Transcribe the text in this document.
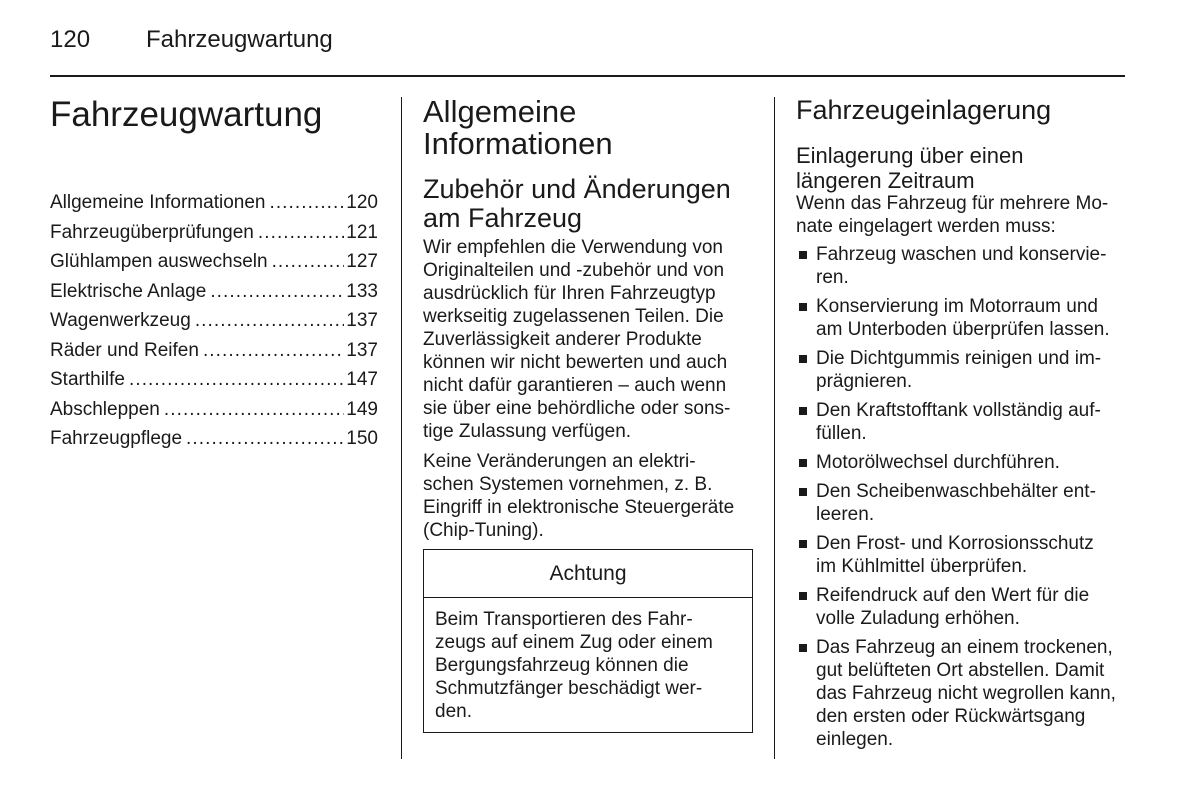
120 Fahrzeugwartung
Fahrzeugwartung
Allgemeine Informationen . . .	120
Fahrzeugüberprüfungen . . .	121
Glühlampen auswechseln . . .	127
Elektrische Anlage . . .	133
Wagenwerkzeug . . .	137
Räder und Reifen . . .	137
Starthilfe . . .	147
Abschleppen . . .	149
Fahrzeugpflege . . .	150
Allgemeine
Informationen
Zubehör und Änderungen
am Fahrzeug
Wir empfehlen die Verwendung von
Originalteilen und -zubehör und von
ausdrücklich für Ihren Fahrzeugtyp
werkseitig zugelassenen Teilen. Die
Zuverlässigkeit anderer Produkte
können wir nicht bewerten und auch
nicht dafür garantieren – auch wenn
sie über eine behördliche oder sons-
tige Zulassung verfügen.
Keine Veränderungen an elektri-
schen Systemen vornehmen, z. B.
Eingriff in elektronische Steuergeräte
(Chip-Tuning).
Achtung
Beim Transportieren des Fahr-
zeugs auf einem Zug oder einem
Bergungsfahrzeug können die
Schmutzfänger beschädigt wer-
den.
Fahrzeugeinlagerung
Einlagerung über einen
längeren Zeitraum
Wenn das Fahrzeug für mehrere Mo-
nate eingelagert werden muss:
Fahrzeug waschen und konservie-
ren.
Konservierung im Motorraum und
am Unterboden überprüfen lassen.
Die Dichtgummis reinigen und im-
prägnieren.
Den Kraftstofftank vollständig auf-
füllen.
Motorölwechsel durchführen.
Den Scheibenwaschbehälter ent-
leeren.
Den Frost- und Korrosionsschutz
im Kühlmittel überprüfen.
Reifendruck auf den Wert für die
volle Zuladung erhöhen.
Das Fahrzeug an einem trockenen,
gut belüfteten Ort abstellen. Damit
das Fahrzeug nicht wegrollen kann,
den ersten oder Rückwärtsgang
einlegen.
